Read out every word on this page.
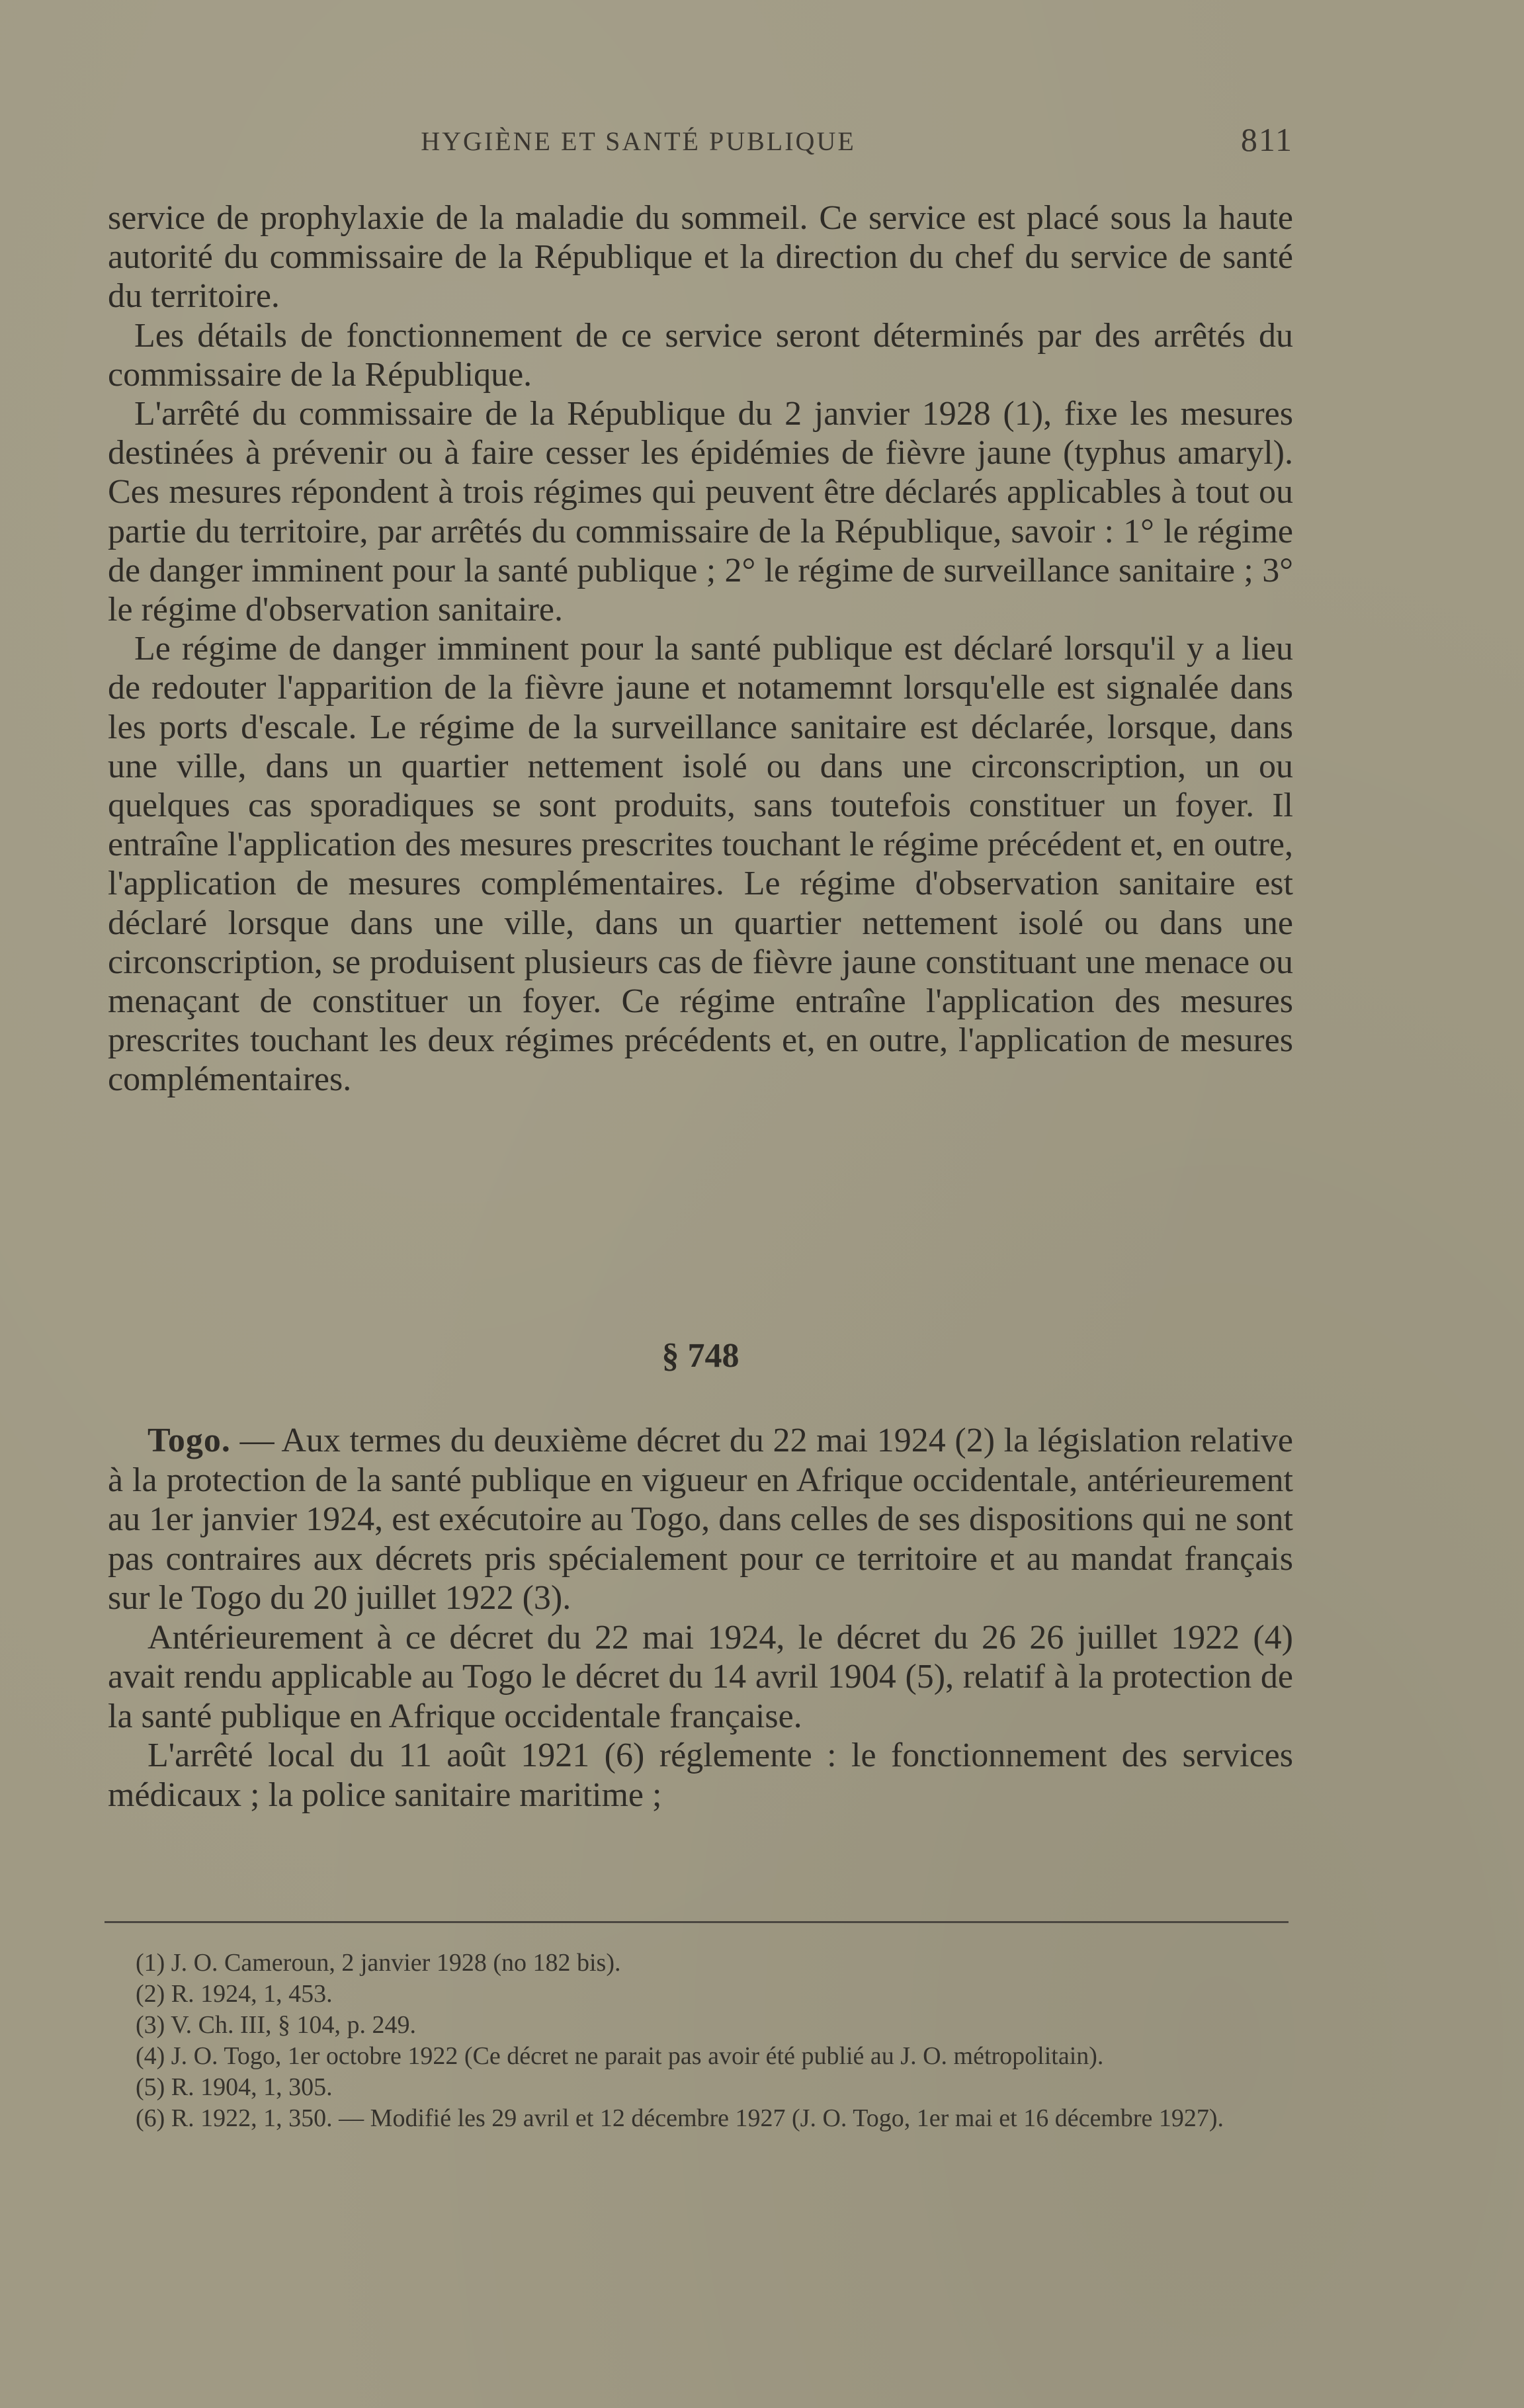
HYGIÈNE ET SANTÉ PUBLIQUE	811

service de prophylaxie de la maladie du sommeil. Ce service est placé sous la haute autorité du commissaire de la République et la direction du chef du service de santé du territoire.

Les détails de fonctionnement de ce service seront déterminés par des arrêtés du commissaire de la République.

L'arrêté du commissaire de la République du 2 janvier 1928 (1), fixe les mesures destinées à prévenir ou à faire cesser les épidémies de fièvre jaune (typhus amaryl). Ces mesures répondent à trois régimes qui peuvent être déclarés applicables à tout ou partie du territoire, par arrêtés du commissaire de la République, savoir : 1° le régime de danger imminent pour la santé publique ; 2° le régime de surveillance sanitaire ; 3° le régime d'observation sanitaire.

Le régime de danger imminent pour la santé publique est déclaré lorsqu'il y a lieu de redouter l'apparition de la fièvre jaune et notamemnt lorsqu'elle est signalée dans les ports d'escale. Le régime de la surveillance sanitaire est déclarée, lorsque, dans une ville, dans un quartier nettement isolé ou dans une circonscription, un ou quelques cas sporadiques se sont produits, sans toutefois constituer un foyer. Il entraîne l'application des mesures prescrites touchant le régime précédent et, en outre, l'application de mesures complémentaires. Le régime d'observation sanitaire est déclaré lorsque dans une ville, dans un quartier nettement isolé ou dans une circonscription, se produisent plusieurs cas de fièvre jaune constituant une menace ou menaçant de constituer un foyer. Ce régime entraîne l'application des mesures prescrites touchant les deux régimes précédents et, en outre, l'application de mesures complémentaires.

§ 748

Togo. — Aux termes du deuxième décret du 22 mai 1924 (2) la législation relative à la protection de la santé publique en vigueur en Afrique occidentale, antérieurement au 1er janvier 1924, est exécutoire au Togo, dans celles de ses dispositions qui ne sont pas contraires aux décrets pris spécialement pour ce territoire et au mandat français sur le Togo du 20 juillet 1922 (3).

Antérieurement à ce décret du 22 mai 1924, le décret du 26 26 juillet 1922 (4) avait rendu applicable au Togo le décret du 14 avril 1904 (5), relatif à la protection de la santé publique en Afrique occidentale française.

L'arrêté local du 11 août 1921 (6) réglemente : le fonctionnement des services médicaux ; la police sanitaire maritime ;

(1) J. O. Cameroun, 2 janvier 1928 (no 182 bis).

(2) R. 1924, 1, 453.

(3) V. Ch. III, § 104, p. 249.

(4) J. O. Togo, 1er octobre 1922 (Ce décret ne parait pas avoir été publié au J. O. métropolitain).

(5) R. 1904, 1, 305.

(6) R. 1922, 1, 350. — Modifié les 29 avril et 12 décembre 1927 (J. O. Togo, 1er mai et 16 décembre 1927).
